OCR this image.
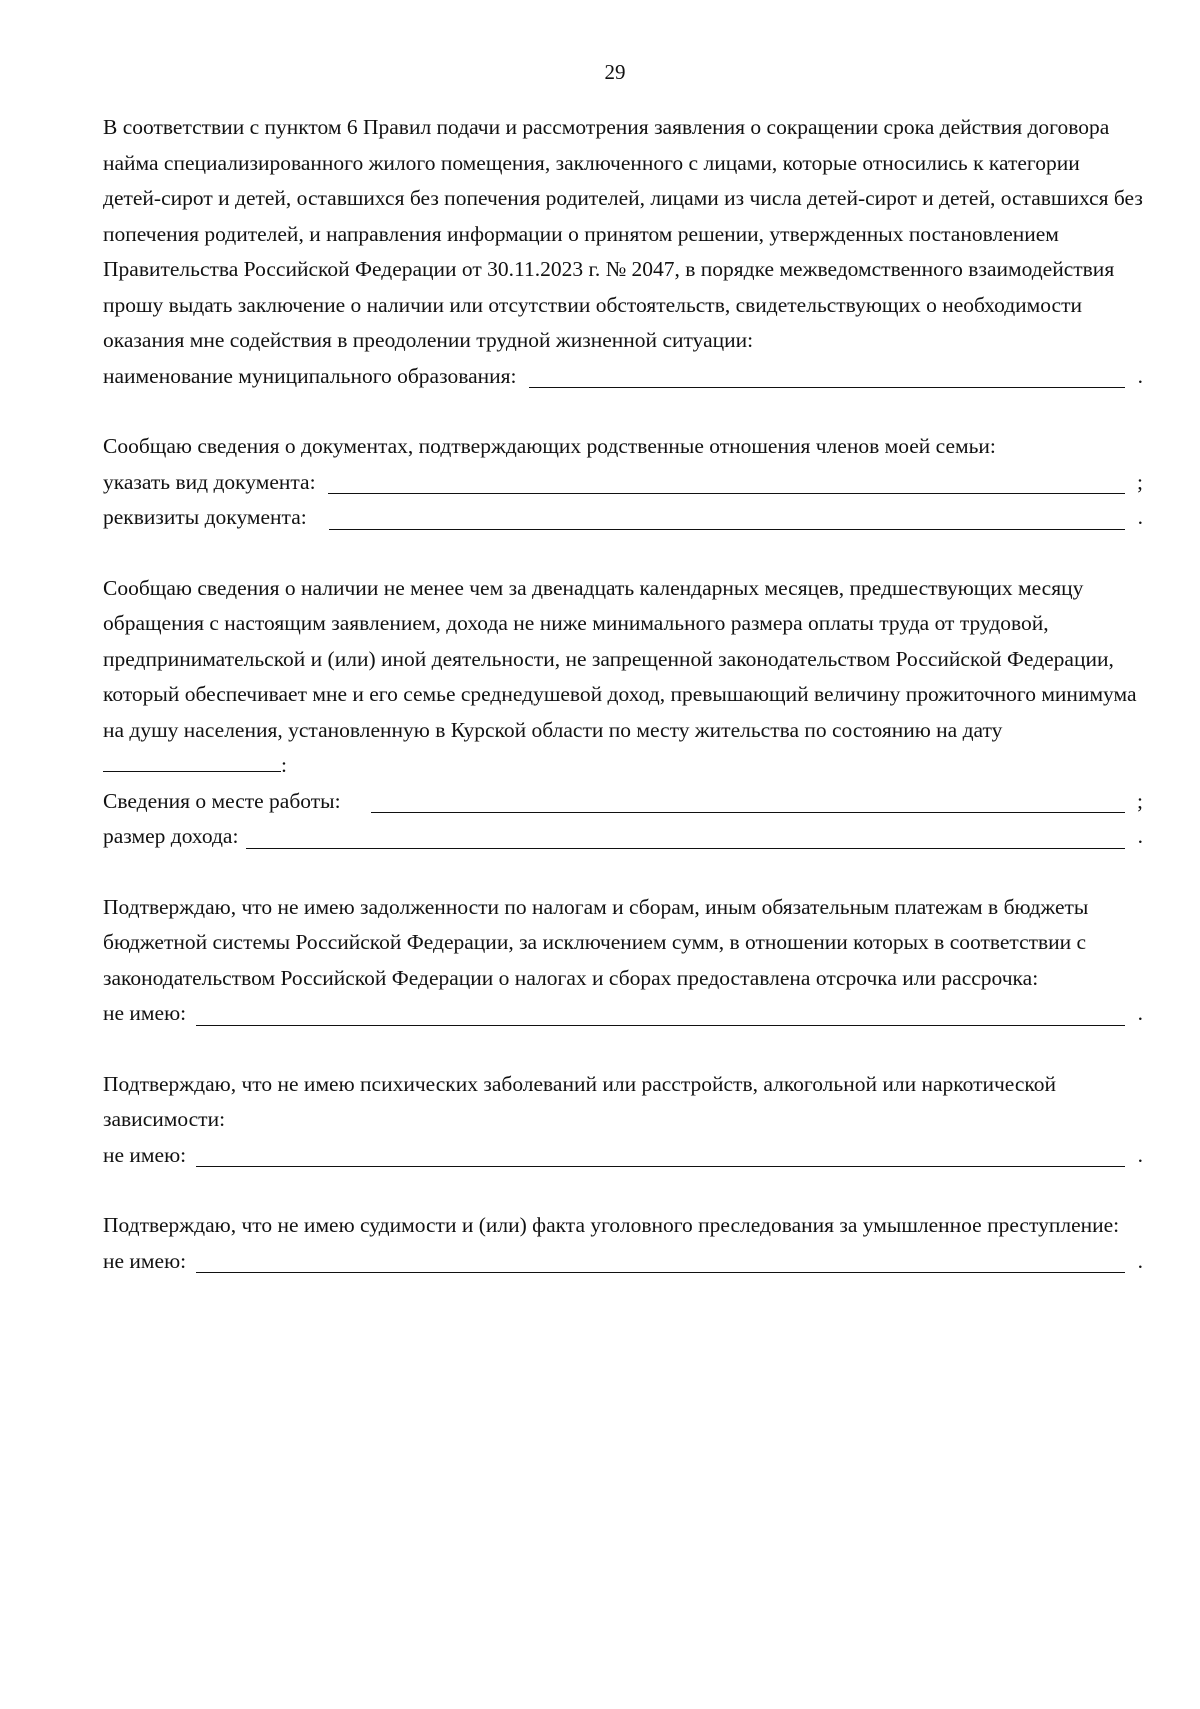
29

В соответствии с пунктом 6 Правил подачи и рассмотрения заявления о сокращении срока действия договора найма специализированного жилого помещения, заключенного с лицами, которые относились к категории детей-сирот и детей, оставшихся без попечения родителей, лицами из числа детей-сирот и детей, оставшихся без попечения родителей, и направления информации о принятом решении, утвержденных постановлением Правительства Российской Федерации от 30.11.2023 г. № 2047, в порядке межведомственного взаимодействия прошу выдать заключение о наличии или отсутствии обстоятельств, свидетельствующих о необходимости оказания мне содействия в преодолении трудной жизненной ситуации:

наименование муниципального образования:	.

Сообщаю сведения о документах, подтверждающих родственные отношения членов моей семьи:

указать вид документа:	;
реквизиты документа:	.

Сообщаю сведения о наличии не менее чем за двенадцать календарных месяцев, предшествующих месяцу обращения с настоящим заявлением, дохода не ниже минимального размера оплаты труда от трудовой, предпринимательской и (или) иной деятельности, не запрещенной законодательством Российской Федерации, который обеспечивает мне и его семье среднедушевой доход, превышающий величину прожиточного минимума на душу населения, установленную в Курской области по месту жительства по состоянию на дату:

Сведения о месте работы:	;
размер дохода:	.

Подтверждаю, что не имею задолженности по налогам и сборам, иным обязательным платежам в бюджеты бюджетной системы Российской Федерации, за исключением сумм, в отношении которых в соответствии с законодательством Российской Федерации о налогах и сборах предоставлена отсрочка или рассрочка:

не имею:	.

Подтверждаю, что не имею психических заболеваний или расстройств, алкогольной или наркотической зависимости:

не имею:	.

Подтверждаю, что не имею судимости и (или) факта уголовного преследования за умышленное преступление:

не имею:	.
